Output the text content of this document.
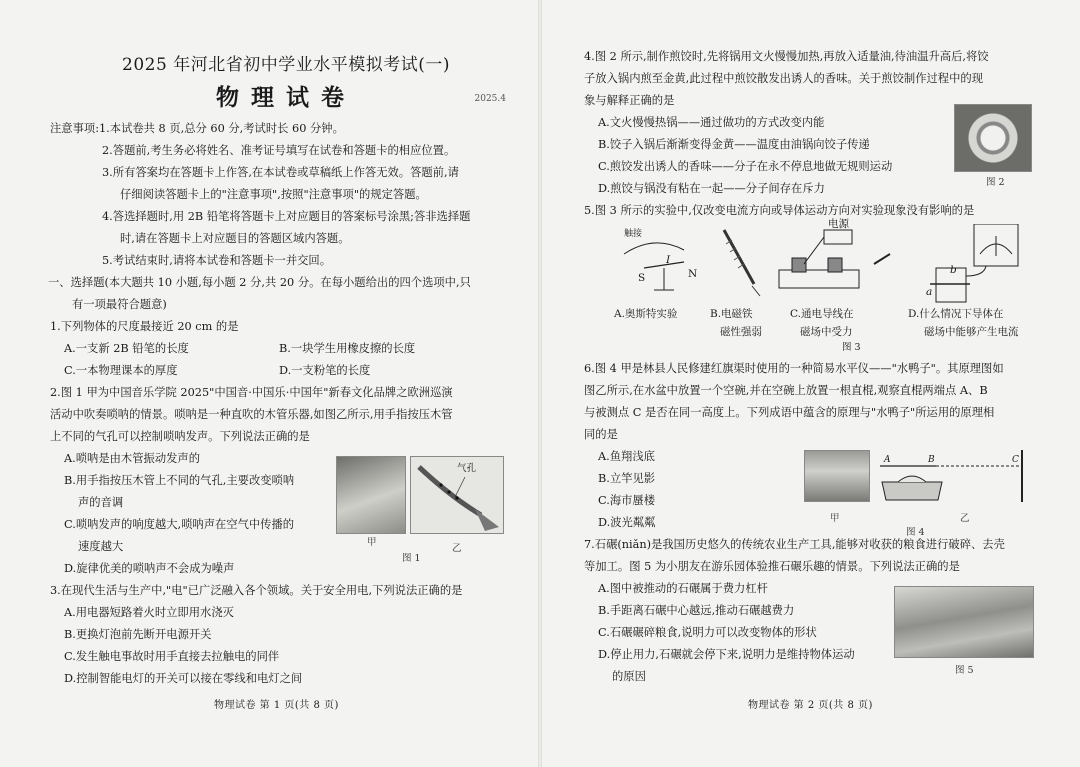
2025 年河北省初中学业水平模拟考试(一)
物理试卷	2025.4
注意事项:1.本试卷共 8 页,总分 60 分,考试时长 60 分钟。
2.答题前,考生务必将姓名、准考证号填写在试卷和答题卡的相应位置。
3.所有答案均在答题卡上作答,在本试卷或草稿纸上作答无效。答题前,请
仔细阅读答题卡上的"注意事项",按照"注意事项"的规定答题。
4.答选择题时,用 2B 铅笔将答题卡上对应题目的答案标号涂黑;答非选择题
时,请在答题卡上对应题目的答题区域内答题。
5.考试结束时,请将本试卷和答题卡一并交回。
一、选择题(本大题共 10 小题,每小题 2 分,共 20 分。在每小题给出的四个选项中,只
有一项最符合题意)
1.下列物体的尺度最接近 20 cm 的是
A.一支新 2B 铅笔的长度	B.一块学生用橡皮擦的长度
C.一本物理课本的厚度	D.一支粉笔的长度
2.图 1 甲为中国音乐学院 2025"中国音·中国乐·中国年"新春文化品牌之欧洲巡演
活动中吹奏唢呐的情景。唢呐是一种直吹的木管乐器,如图乙所示,用手指按压木管
上不同的气孔可以控制唢呐发声。下列说法正确的是
A.唢呐是由木管振动发声的
B.用手指按压木管上不同的气孔,主要改变唢呐
声的音调
C.唢呐发声的响度越大,唢呐声在空气中传播的
速度越大
D.旋律优美的唢呐声不会成为噪声
3.在现代生活与生产中,"电"已广泛融入各个领域。关于安全用电,下列说法正确的是
A.用电器短路着火时立即用水浇灭
B.更换灯泡前先断开电源开关
C.发生触电事故时用手直接去拉触电的同伴
D.控制智能电灯的开关可以接在零线和电灯之间
气孔
甲
乙
图 1
物理试卷 第 1 页(共 8 页)
4.图 2 所示,制作煎饺时,先将锅用文火慢慢加热,再放入适量油,待油温升高后,将饺
子放入锅内煎至金黄,此过程中煎饺散发出诱人的香味。关于煎饺制作过程中的现
象与解释正确的是
A.文火慢慢热锅——通过做功的方式改变内能
B.饺子入锅后渐渐变得金黄——温度由油锅向饺子传递
C.煎饺发出诱人的香味——分子在永不停息地做无规则运动
D.煎饺与锅没有粘在一起——分子间存在斥力
5.图 3 所示的实验中,仅改变电流方向或导体运动方向对实验现象没有影响的是
触接
I
S	N
电源
a
b
A.奥斯特实验	B.电磁铁
磁性强弱
C.通电导线在
磁场中受力
D.什么情况下导体在
磁场中能够产生电流
图 3
6.图 4 甲是林县人民修建红旗渠时使用的一种简易水平仪——"水鸭子"。其原理图如
图乙所示,在水盆中放置一个空碗,并在空碗上放置一根直棍,观察直棍两端点 A、B
与被测点 C 是否在同一高度上。下列成语中蕴含的原理与"水鸭子"所运用的原理相
同的是
A.鱼翔浅底
B.立竿见影
C.海市蜃楼
D.波光粼粼
7.石碾(niǎn)是我国历史悠久的传统农业生产工具,能够对收获的粮食进行破碎、去壳
等加工。图 5 为小朋友在游乐园体验推石碾乐趣的情景。下列说法正确的是
A.图中被推动的石碾属于费力杠杆
B.手距离石碾中心越远,推动石碾越费力
C.石碾碾碎粮食,说明力可以改变物体的形状
D.停止用力,石碾就会停下来,说明力是维持物体运动
的原因
图 2
甲
A	B	C
图 4
乙
图 5
物理试卷 第 2 页(共 8 页)
